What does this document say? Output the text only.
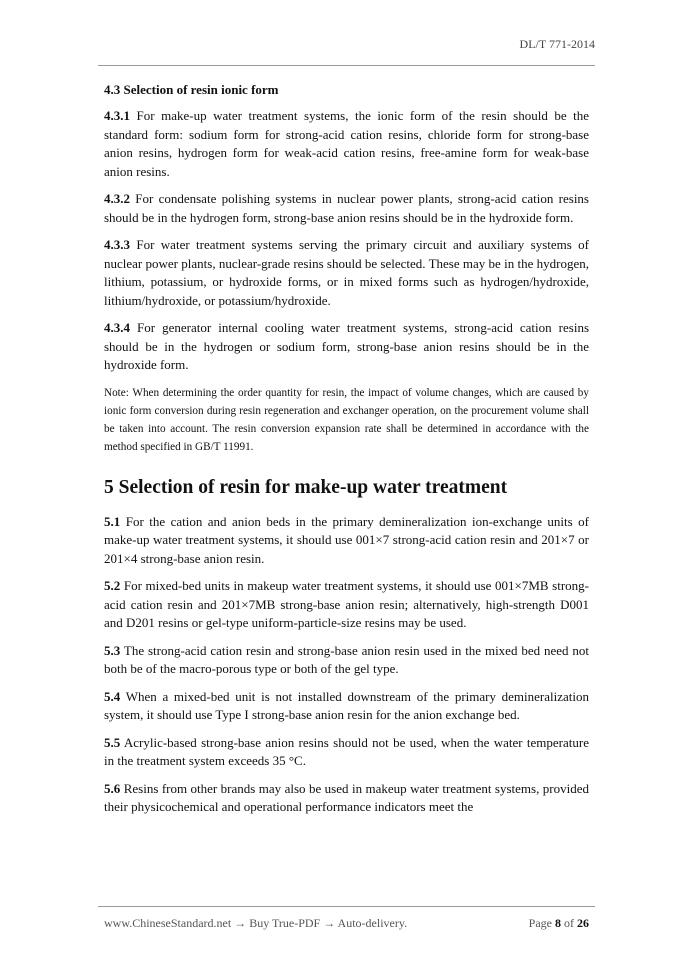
DL/T 771-2014
4.3 Selection of resin ionic form

4.3.1 For make-up water treatment systems, the ionic form of the resin should be the standard form: sodium form for strong-acid cation resins, chloride form for strong-base anion resins, hydrogen form for weak-acid cation resins, free-amine form for weak-base anion resins.

4.3.2 For condensate polishing systems in nuclear power plants, strong-acid cation resins should be in the hydrogen form, strong-base anion resins should be in the hydroxide form.

4.3.3 For water treatment systems serving the primary circuit and auxiliary systems of nuclear power plants, nuclear-grade resins should be selected. These may be in the hydrogen, lithium, potassium, or hydroxide forms, or in mixed forms such as hydrogen/hydroxide, lithium/hydroxide, or potassium/hydroxide.

4.3.4 For generator internal cooling water treatment systems, strong-acid cation resins should be in the hydrogen or sodium form, strong-base anion resins should be in the hydroxide form.

Note: When determining the order quantity for resin, the impact of volume changes, which are caused by ionic form conversion during resin regeneration and exchanger operation, on the procurement volume shall be taken into account. The resin conversion expansion rate shall be determined in accordance with the method specified in GB/T 11991.

5 Selection of resin for make-up water treatment

5.1 For the cation and anion beds in the primary demineralization ion-exchange units of make-up water treatment systems, it should use 001×7 strong-acid cation resin and 201×7 or 201×4 strong-base anion resin.

5.2 For mixed-bed units in makeup water treatment systems, it should use 001×7MB strong-acid cation resin and 201×7MB strong-base anion resin; alternatively, high-strength D001 and D201 resins or gel-type uniform-particle-size resins may be used.

5.3 The strong-acid cation resin and strong-base anion resin used in the mixed bed need not both be of the macro-porous type or both of the gel type.

5.4 When a mixed-bed unit is not installed downstream of the primary demineralization system, it should use Type I strong-base anion resin for the anion exchange bed.

5.5 Acrylic-based strong-base anion resins should not be used, when the water temperature in the treatment system exceeds 35 °C.

5.6 Resins from other brands may also be used in makeup water treatment systems, provided their physicochemical and operational performance indicators meet the

www.ChineseStandard.net → Buy True-PDF → Auto-delivery.	Page 8 of 26
